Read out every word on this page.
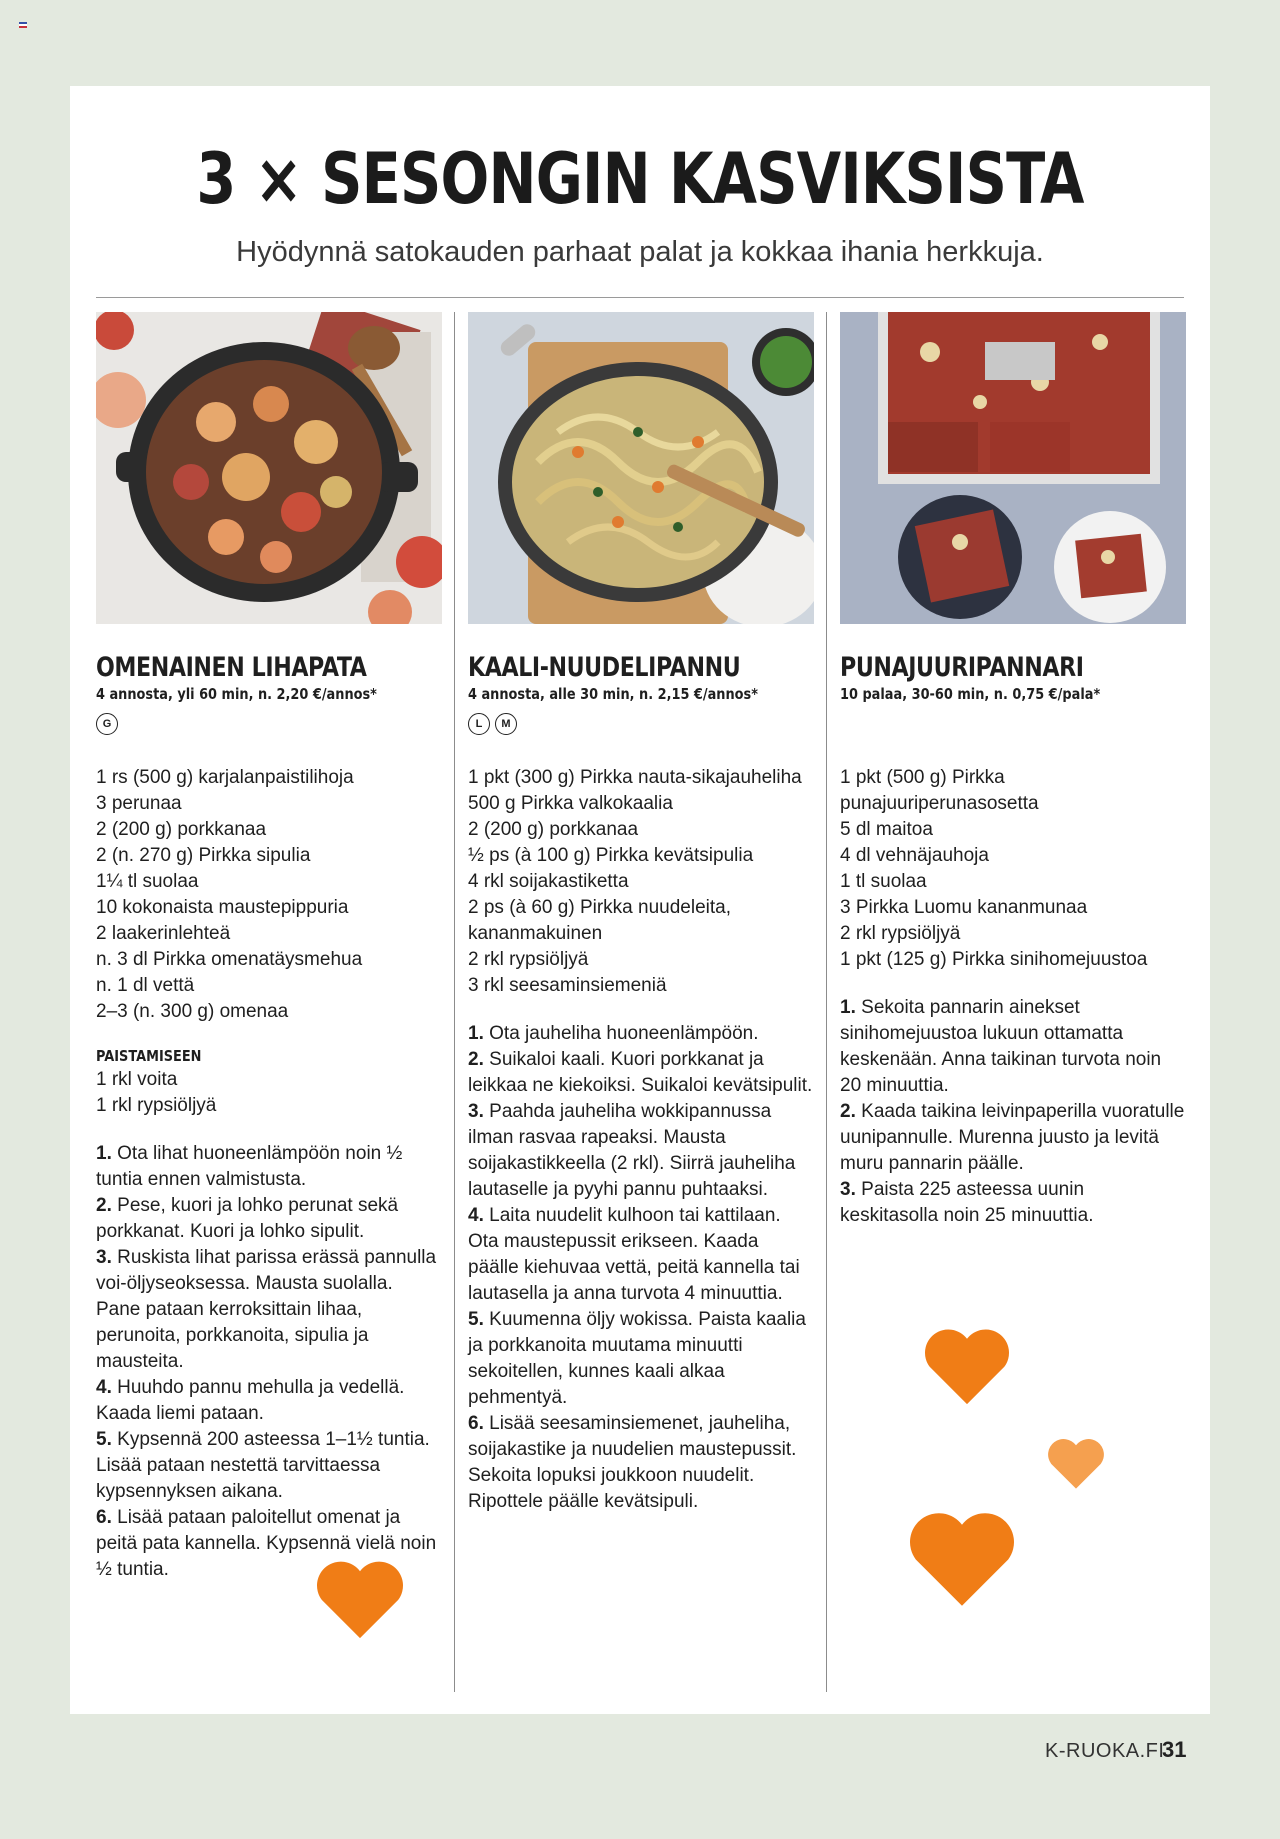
3 × SESONGIN KASVIKSISTA

Hyödynnä satokauden parhaat palat ja kokkaa ihania herkkuja.

OMENAINEN LIHAPATA
4 annosta, yli 60 min, n. 2,20 €/annos*
G
1 rs (500 g) karjalanpaistilihoja
3 perunaa
2 (200 g) porkkanaa
2 (n. 270 g) Pirkka sipulia
1¼ tl suolaa
10 kokonaista maustepippuria
2 laakerinlehteä
n. 3 dl Pirkka omenatäysmehua
n. 1 dl vettä
2–3 (n. 300 g) omenaa
PAISTAMISEEN
1 rkl voita
1 rkl rypsiöljyä
1. Ota lihat huoneenlämpöön noin ½ tuntia ennen valmistusta.
2. Pese, kuori ja lohko perunat sekä porkkanat. Kuori ja lohko sipulit.
3. Ruskista lihat parissa erässä pannulla voi-öljyseoksessa. Mausta suolalla. Pane pataan kerroksittain lihaa, perunoita, porkkanoita, sipulia ja mausteita.
4. Huuhdo pannu mehulla ja vedellä. Kaada liemi pataan.
5. Kypsennä 200 asteessa 1–1½ tuntia. Lisää pataan nestettä tarvittaessa kypsennyksen aikana.
6. Lisää pataan paloitellut omenat ja peitä pata kannella. Kypsennä vielä noin ½ tuntia.
KAALI-NUUDELIPANNU
4 annosta, alle 30 min, n. 2,15 €/annos*
L	M
1 pkt (300 g) Pirkka nauta-sikajauheliha
500 g Pirkka valkokaalia
2 (200 g) porkkanaa
½ ps (à 100 g) Pirkka kevätsipulia
4 rkl soijakastiketta
2 ps (à 60 g) Pirkka nuudeleita, kananmakuinen
2 rkl rypsiöljyä
3 rkl seesaminsiemeniä
1. Ota jauheliha huoneenlämpöön.
2. Suikaloi kaali. Kuori porkkanat ja leikkaa ne kiekoiksi. Suikaloi kevätsipulit.
3. Paahda jauheliha wokkipannussa ilman rasvaa rapeaksi. Mausta soijakastikkeella (2 rkl). Siirrä jauheliha lautaselle ja pyyhi pannu puhtaaksi.
4. Laita nuudelit kulhoon tai kattilaan. Ota maustepussit erikseen. Kaada päälle kiehuvaa vettä, peitä kannella tai lautasella ja anna turvota 4 minuuttia.
5. Kuumenna öljy wokissa. Paista kaalia ja porkkanoita muutama minuutti sekoitellen, kunnes kaali alkaa pehmentyä.
6. Lisää seesaminsiemenet, jauheliha, soijakastike ja nuudelien maustepussit. Sekoita lopuksi joukkoon nuudelit. Ripottele päälle kevätsipuli.
PUNAJUURIPANNARI
10 palaa, 30-60 min, n. 0,75 €/pala*
1 pkt (500 g) Pirkka punajuuriperunasosetta
5 dl maitoa
4 dl vehnäjauhoja
1 tl suolaa
3 Pirkka Luomu kananmunaa
2 rkl rypsiöljyä
1 pkt (125 g) Pirkka sinihomejuustoa
1. Sekoita pannarin ainekset sinihomejuustoa lukuun ottamatta keskenään. Anna taikinan turvota noin 20 minuuttia.
2. Kaada taikina leivinpaperilla vuoratulle uunipannulle. Murenna juusto ja levitä muru pannarin päälle.
3. Paista 225 asteessa uunin keskitasolla noin 25 minuuttia.
K-RUOKA.FI
31
